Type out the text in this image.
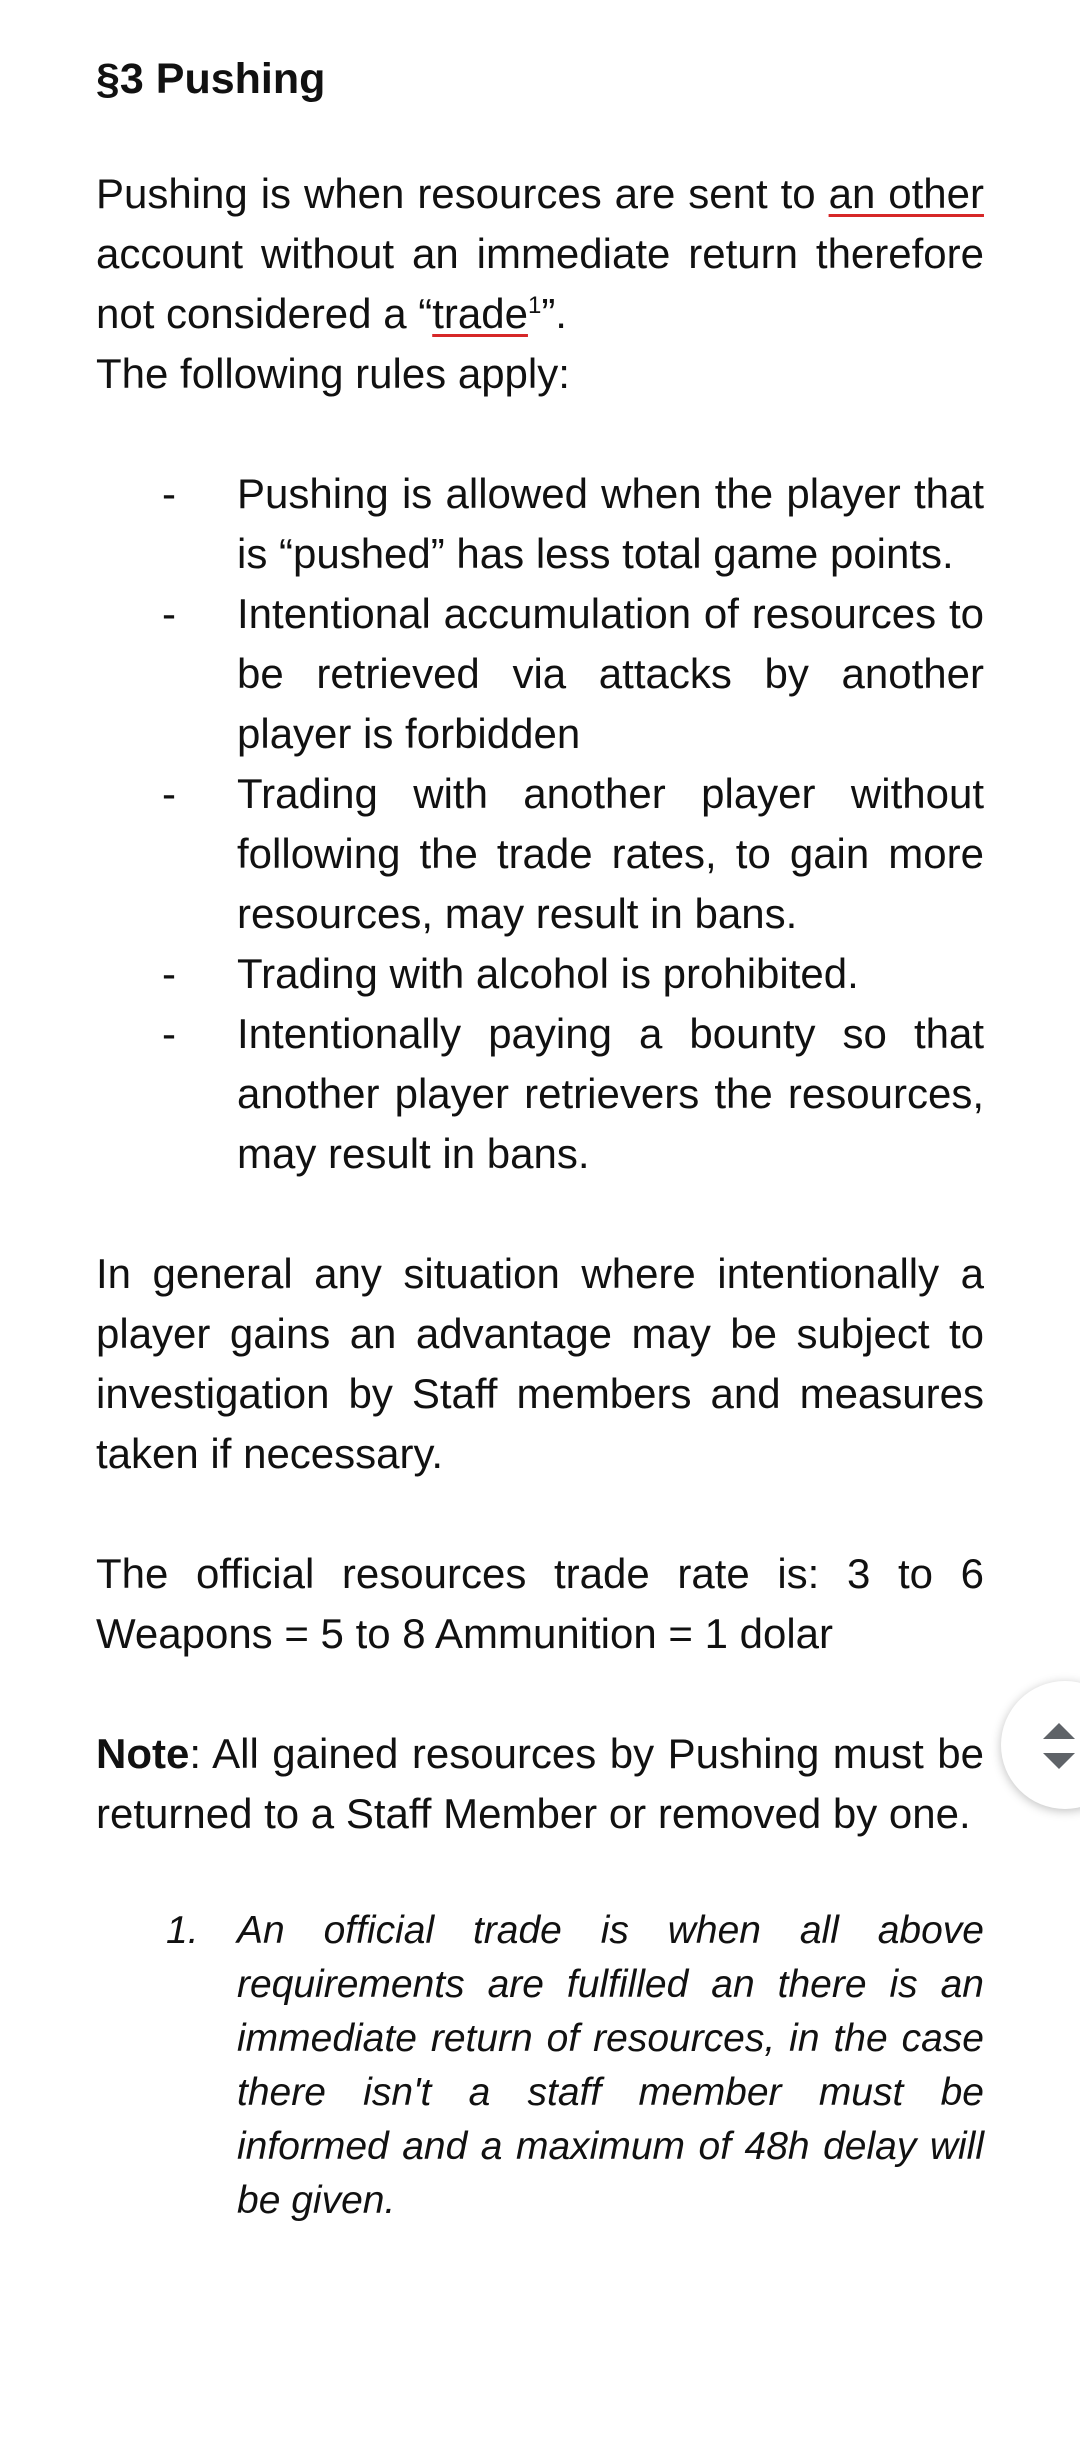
§3 Pushing

Pushing is when resources are sent to an other account without an immediate return therefore not considered a “trade$^1$”.

The following rules apply:

- Pushing is allowed when the player that is “pushed” has less total game points.
- Intentional accumulation of resources to be retrieved via attacks by another player is forbidden
- Trading with another player without following the trade rates, to gain more resources, may result in bans.
- Trading with alcohol is prohibited.
- Intentionally paying a bounty so that another player retrievers the resources, may result in bans.

In general any situation where intentionally a player gains an advantage may be subject to investigation by Staff members and measures taken if necessary.

The official resources trade rate is: 3 to 6 Weapons = 5 to 8 Ammunition = 1 dolar

Note: All gained resources by Pushing must be returned to a Staff Member or removed by one.

1. An official trade is when all above requirements are fulfilled an there is an immediate return of resources, in the case there isn't a staff member must be informed and a maximum of 48h delay will be given.
